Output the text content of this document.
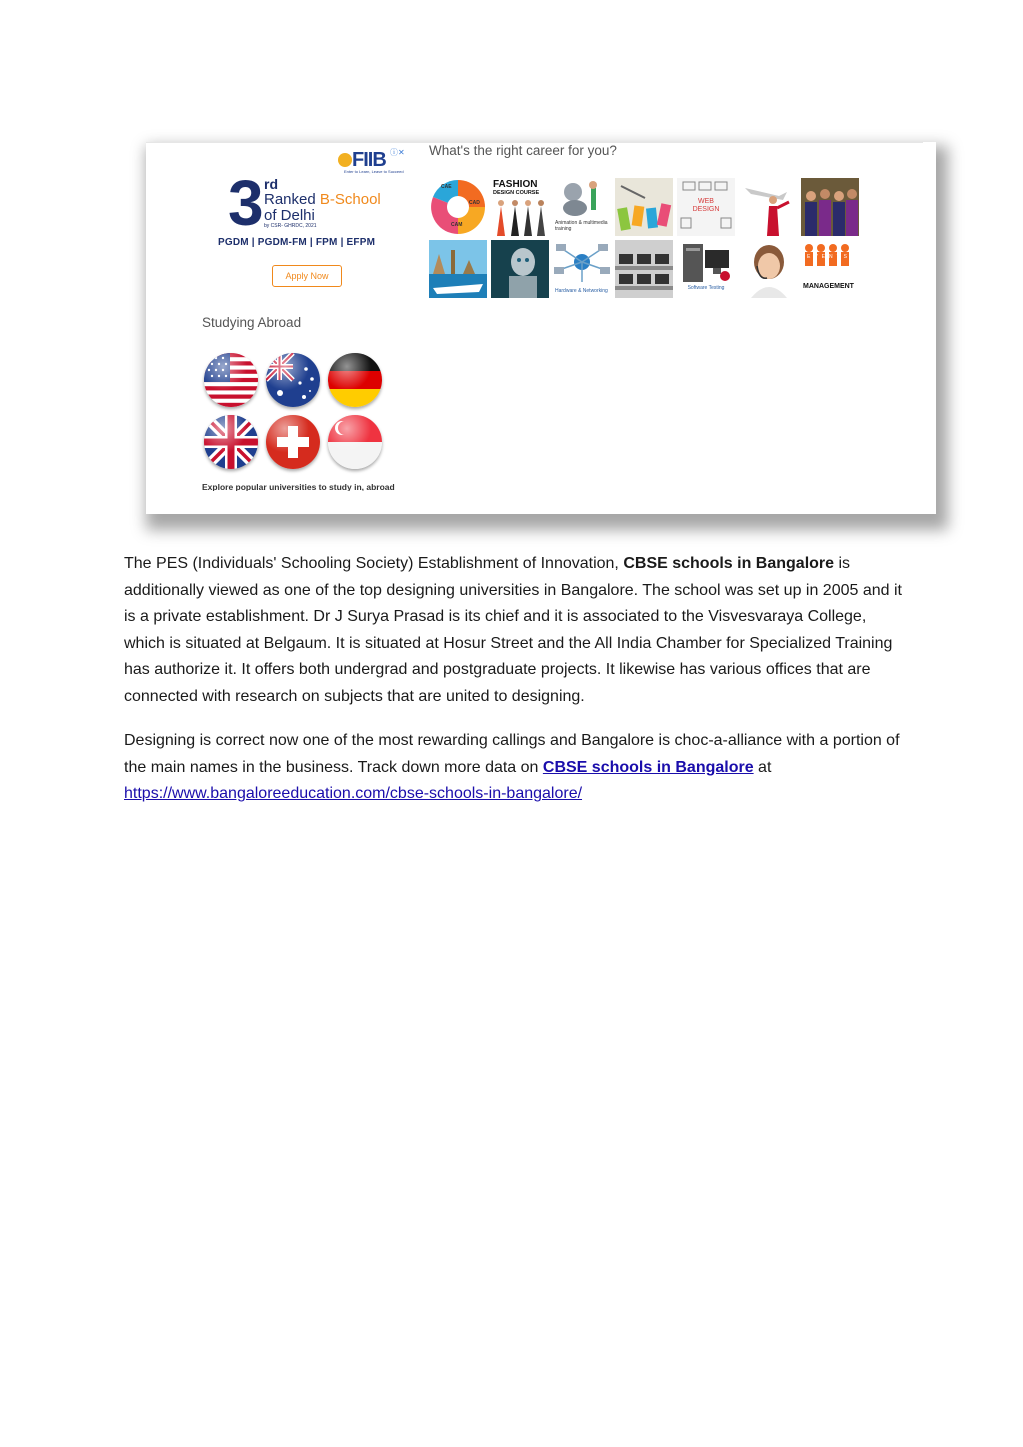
FIIB ⓘ✕
Enter to Learn, Leave to Succeed
3 rd
Ranked B-School
of Delhi
by CSR- GHRDC, 2021
PGDM | PGDM-FM | FPM | EFPM
Apply Now
Studying Abroad
Explore popular universities to study in, abroad
What's the right career for you?
CAE
CAD
CAM
FASHION
DESIGN COURSE
Animation & multimedia training
WEB DESIGN
Hardware & Networking	Software Testing
EVENTS
MANAGEMENT

The PES (Individuals' Schooling Society) Establishment of Innovation, CBSE schools in Bangalore is additionally viewed as one of the top designing universities in Bangalore. The school was set up in 2005 and it is a private establishment. Dr J Surya Prasad is its chief and it is associated to the Visvesvaraya College, which is situated at Belgaum. It is situated at Hosur Street and the All India Chamber for Specialized Training has authorize it. It offers both undergrad and postgraduate projects. It likewise has various offices that are connected with research on subjects that are united to designing.

Designing is correct now one of the most rewarding callings and Bangalore is choc-a-alliance with a portion of the main names in the business. Track down more data on CBSE schools in Bangalore at
https://www.bangaloreeducation.com/cbse-schools-in-bangalore/
